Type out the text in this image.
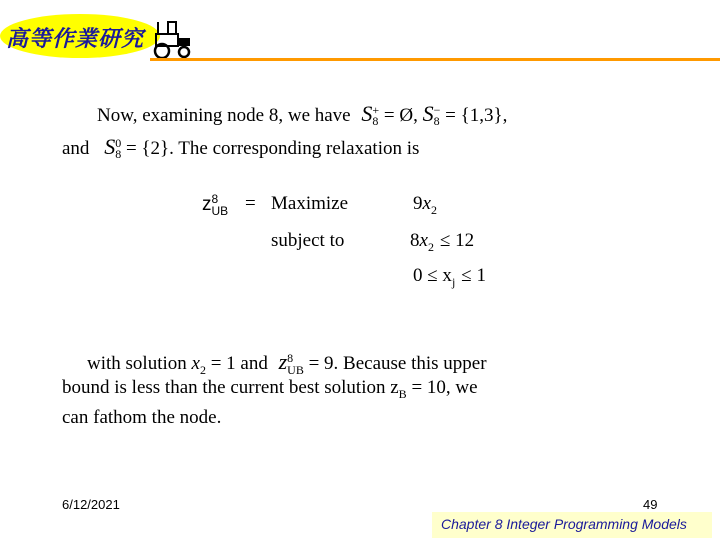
高等作業研究
Now, examining node 8, we have S +
8 = Ø, S −
8 = {1,3},
and S 0
8 = {2}. The corresponding relaxation is
z 8
UB = Maximize	$9x_2$
subject to	$8x_2 \le 12$
$0 \le x_j \le 1$
with solution $x_2 = 1$ and z 8
UB = 9. Because this upper
bound is less than the current best solution $z_B = 10$, we
can fathom the node.
6/12/2021	49
Chapter 8 Integer Programming Models
